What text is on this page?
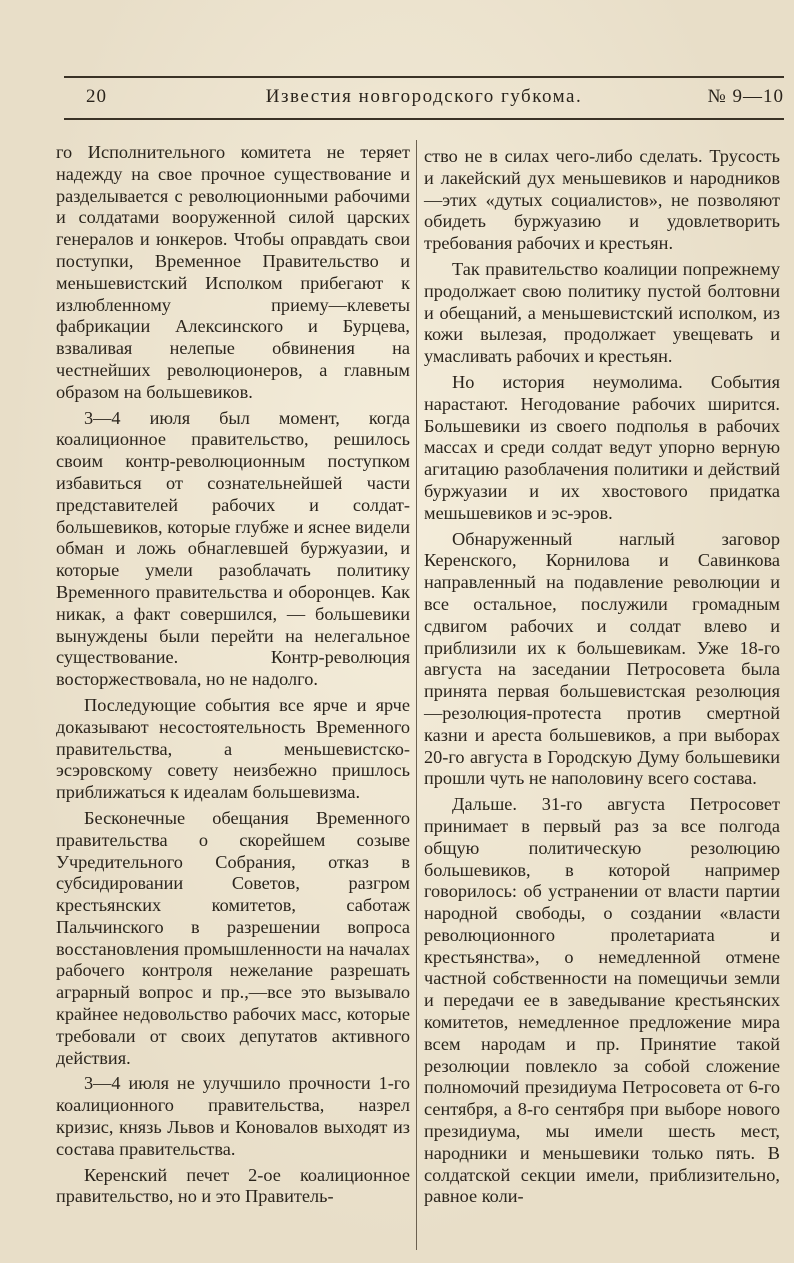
20	Известия новгородского губкома.	№ 9—10

го Исполнительного комитета не теряет надежду на свое прочное существование и разделывается с революционными рабочими и солдатами вооруженной силой царских генералов и юнкеров. Чтобы оправдать свои поступки, Временное Правительство и меньшевистский Исполком прибегают к излюбленному приему—клеветы фабрикации Алексинского и Бурцева, взваливая нелепые обвинения на честнейших революционеров, а главным образом на большевиков.

3—4 июля был момент, когда коалиционное правительство, решилось своим контр-революционным поступком избавиться от сознательнейшей части представителей рабочих и солдат-большевиков, которые глубже и яснее видели обман и ложь обнаглевшей буржуазии, и которые умели разоблачать политику Временного правительства и оборонцев. Как никак, а факт совершился, — большевики вынуждены были перейти на нелегальное существование. Контр-революция восторжествовала, но не надолго.

Последующие события все ярче и ярче доказывают несостоятельность Временного правительства, а меньшевистско-эсэровскому совету неизбежно пришлось приближаться к идеалам большевизма.

Бесконечные обещания Временного правительства о скорейшем созыве Учредительного Собрания, отказ в субсидировании Советов, разгром крестьянских комитетов, саботаж Пальчинского в разрешении вопроса восстановления промышленности на началах рабочего контроля нежелание разрешать аграрный вопрос и пр.,—все это вызывало крайнее недовольство рабочих масс, которые требовали от своих депутатов активного действия.

3—4 июля не улучшило прочности 1-го коалиционного правительства, назрел кризис, князь Львов и Коновалов выходят из состава правительства.

Керенский печет 2-ое коалиционное правительство, но и это Правитель-

ство не в силах чего-либо сделать. Трусость и лакейский дух меньшевиков и народников—этих «дутых социалистов», не позволяют обидеть буржуазию и удовлетворить требования рабочих и крестьян.

Так правительство коалиции попрежнему продолжает свою политику пустой болтовни и обещаний, а меньшевистский исполком, из кожи вылезая, продолжает увещевать и умасливать рабочих и крестьян.

Но история неумолима. События нарастают. Негодование рабочих ширится. Большевики из своего подполья в рабочих массах и среди солдат ведут упорно верную агитацию разоблачения политики и действий буржуазии и их хвостового придатка мешьшевиков и эс-эров.

Обнаруженный наглый заговор Керенского, Корнилова и Савинкова направленный на подавление революции и все остальное, послужили громадным сдвигом рабочих и солдат влево и приблизили их к большевикам. Уже 18-го августа на заседании Петросовета была принята первая большевистская резолюция—резолюция-протеста против смертной казни и ареста большевиков, а при выборах 20-го августа в Городскую Думу большевики прошли чуть не наполовину всего состава.

Дальше. 31-го августа Петросовет принимает в первый раз за все полгода общую политическую резолюцию большевиков, в которой например говорилось: об устранении от власти партии народной свободы, о создании «власти революционного пролетариата и крестьянства», о немедленной отмене частной собственности на помещичьи земли и передачи ее в заведывание крестьянских комитетов, немедленное предложение мира всем народам и пр. Принятие такой резолюции повлекло за собой сложение полномочий президиума Петросовета от 6-го сентября, а 8-го сентября при выборе нового президиума, мы имели шесть мест, народники и меньшевики только пять. В солдатской секции имели, приблизительно, равное коли-
